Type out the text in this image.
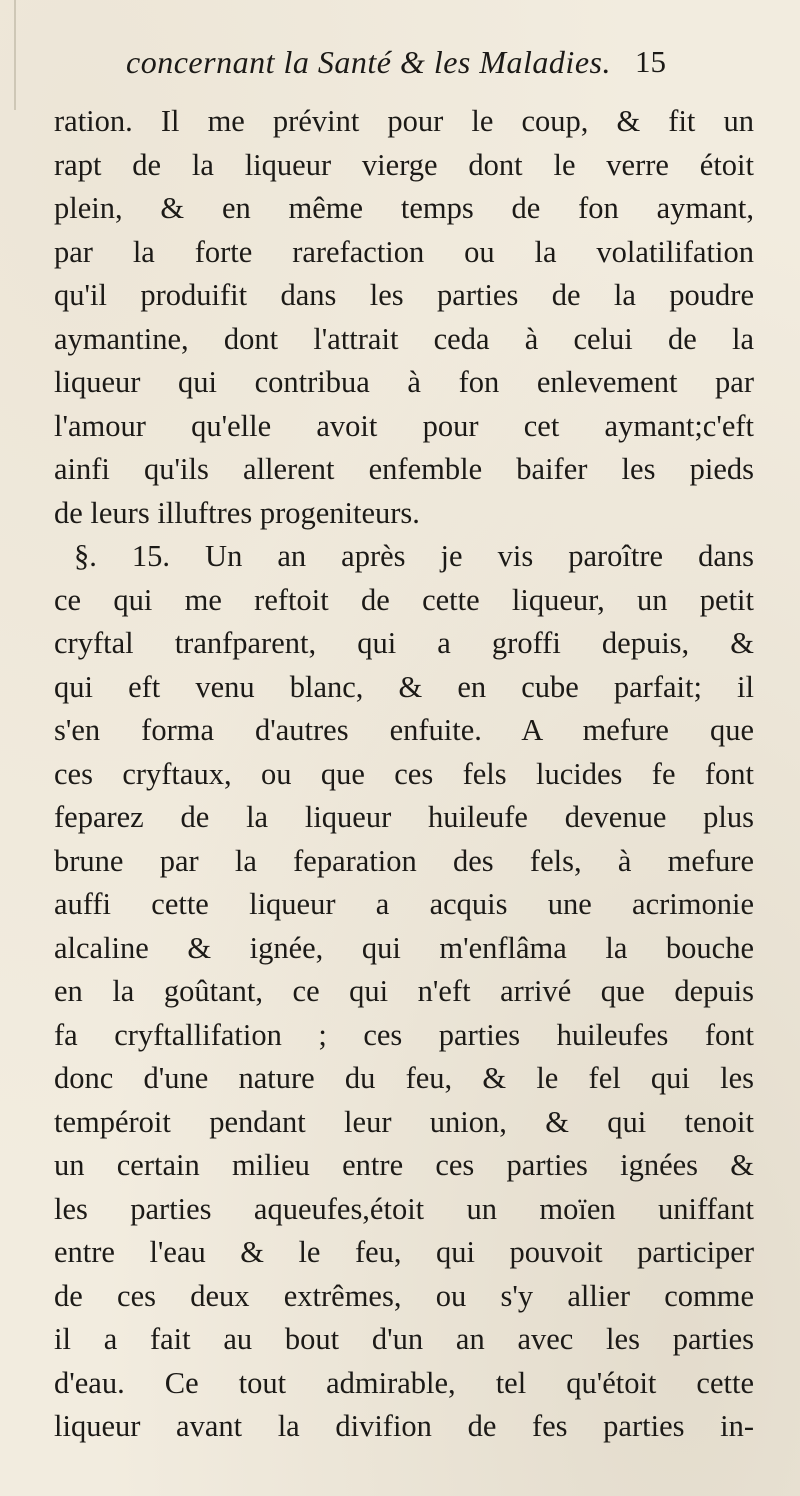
concernant la Santé & les Maladies. 15
ration. Il me prévint pour le coup, & fit un
rapt de la liqueur vierge dont le verre étoit
plein, & en même temps de fon aymant,
par la forte rarefaction ou la volatilifation
qu'il produifit dans les parties de la poudre
aymantine, dont l'attrait ceda à celui de la
liqueur qui contribua à fon enlevement par
l'amour qu'elle avoit pour cet aymant;c'eft
ainfi qu'ils allerent enfemble baifer les pieds
de leurs illuftres progeniteurs.
§. 15. Un an après je vis paroître dans
ce qui me reftoit de cette liqueur, un petit
cryftal tranfparent, qui a groffi depuis, &
qui eft venu blanc, & en cube parfait; il
s'en forma d'autres enfuite. A mefure que
ces cryftaux, ou que ces fels lucides fe font
feparez de la liqueur huileufe devenue plus
brune par la feparation des fels, à mefure
auffi cette liqueur a acquis une acrimonie
alcaline & ignée, qui m'enflâma la bouche
en la goûtant, ce qui n'eft arrivé que depuis
fa cryftallifation ; ces parties huileufes font
donc d'une nature du feu, & le fel qui les
tempéroit pendant leur union, & qui tenoit
un certain milieu entre ces parties ignées &
les parties aqueufes,étoit un moïen uniffant
entre l'eau & le feu, qui pouvoit participer
de ces deux extrêmes, ou s'y allier comme
il a fait au bout d'un an avec les parties
d'eau. Ce tout admirable, tel qu'étoit cette
liqueur avant la divifion de fes parties in-
